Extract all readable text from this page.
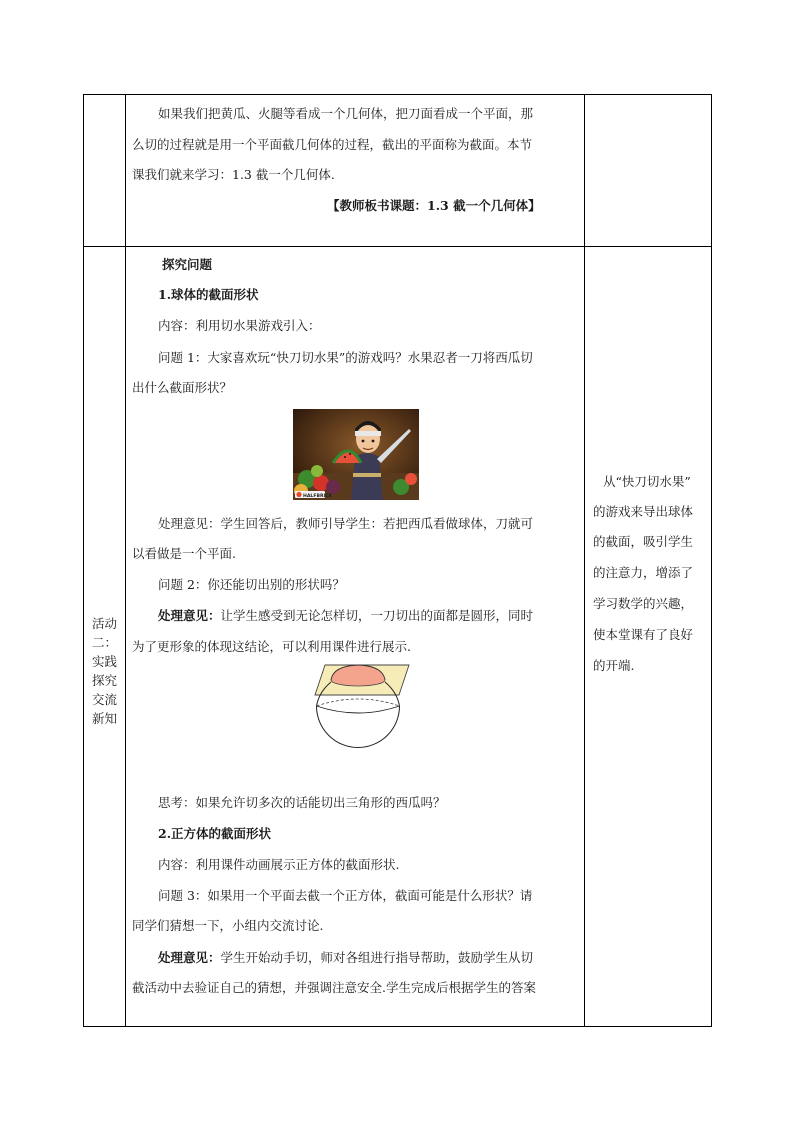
如果我们把黄瓜、火腿等看成一个几何体，把刀面看成一个平面，那
么切的过程就是用一个平面截几何体的过程，截出的平面称为截面。本节
课我们就来学习：1.3 截一个几何体.
【教师板书课题：1.3 截一个几何体】
活动
二：
实践
探究
交流
新知
探究问题
1.球体的截面形状
内容：利用切水果游戏引入：
问题 1：大家喜欢玩“快刀切水果”的游戏吗？水果忍者一刀将西瓜切
出什么截面形状？
HALFBRICK
处理意见：学生回答后，教师引导学生：若把西瓜看做球体，刀就可
以看做是一个平面.
问题 2：你还能切出别的形状吗？
处理意见：让学生感受到无论怎样切，一刀切出的面都是圆形，同时
为了更形象的体现这结论，可以利用课件进行展示.
思考：如果允许切多次的话能切出三角形的西瓜吗？
2.正方体的截面形状
内容：利用课件动画展示正方体的截面形状.
问题 3：如果用一个平面去截一个正方体，截面可能是什么形状？请
同学们猜想一下，小组内交流讨论.
处理意见：学生开始动手切，师对各组进行指导帮助，鼓励学生从切
截活动中去验证自己的猜想，并强调注意安全.学生完成后根据学生的答案
从“快刀切水果”
的游戏来导出球体
的截面，吸引学生
的注意力，增添了
学习数学的兴趣，
使本堂课有了良好
的开端.
